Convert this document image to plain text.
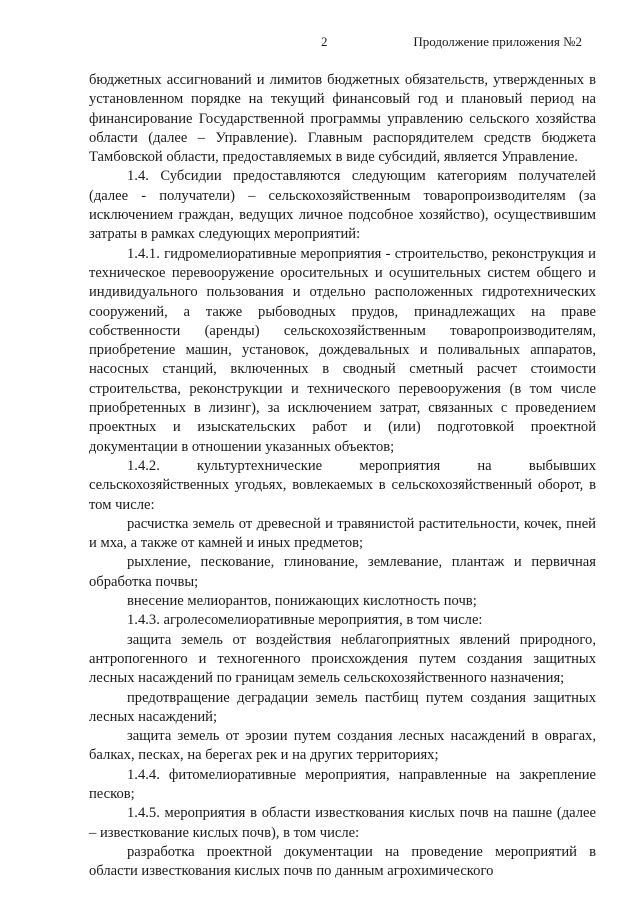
2	Продолжение приложения №2

бюджетных ассигнований и лимитов бюджетных обязательств, утвержденных в установленном порядке на текущий финансовый год и плановый период на финансирование Государственной программы управлению сельского хозяйства области (далее – Управление). Главным распорядителем средств бюджета Тамбовской области, предоставляемых в виде субсидий, является Управление.

1.4. Субсидии предоставляются следующим категориям получателей (далее - получатели) – сельскохозяйственным товаропроизводителям (за исключением граждан, ведущих личное подсобное хозяйство), осуществившим затраты в рамках следующих мероприятий:

1.4.1. гидромелиоративные мероприятия - строительство, реконструкция и техническое перевооружение оросительных и осушительных систем общего и индивидуального пользования и отдельно расположенных гидротехнических сооружений, а также рыбоводных прудов, принадлежащих на праве собственности (аренды) сельскохозяйственным товаропроизводителям, приобретение машин, установок, дождевальных и поливальных аппаратов, насосных станций, включенных в сводный сметный расчет стоимости строительства, реконструкции и технического перевооружения (в том числе приобретенных в лизинг), за исключением затрат, связанных с проведением проектных и изыскательских работ и (или) подготовкой проектной документации в отношении указанных объектов;

1.4.2. культуртехнические мероприятия на выбывших сельскохозяйственных угодьях, вовлекаемых в сельскохозяйственный оборот, в том числе:

расчистка земель от древесной и травянистой растительности, кочек, пней и мха, а также от камней и иных предметов;

рыхление, пескование, глинование, землевание, плантаж и первичная обработка почвы;

внесение мелиорантов, понижающих кислотность почв;

1.4.3. агролесомелиоративные мероприятия, в том числе:

защита земель от воздействия неблагоприятных явлений природного, антропогенного и техногенного происхождения путем создания защитных лесных насаждений по границам земель сельскохозяйственного назначения;

предотвращение деградации земель пастбищ путем создания защитных лесных насаждений;

защита земель от эрозии путем создания лесных насаждений в оврагах, балках, песках, на берегах рек и на других территориях;

1.4.4. фитомелиоративные мероприятия, направленные на закрепление песков;

1.4.5. мероприятия в области известкования кислых почв на пашне (далее – известкование кислых почв), в том числе:

разработка проектной документации на проведение мероприятий в области известкования кислых почв по данным агрохимического
